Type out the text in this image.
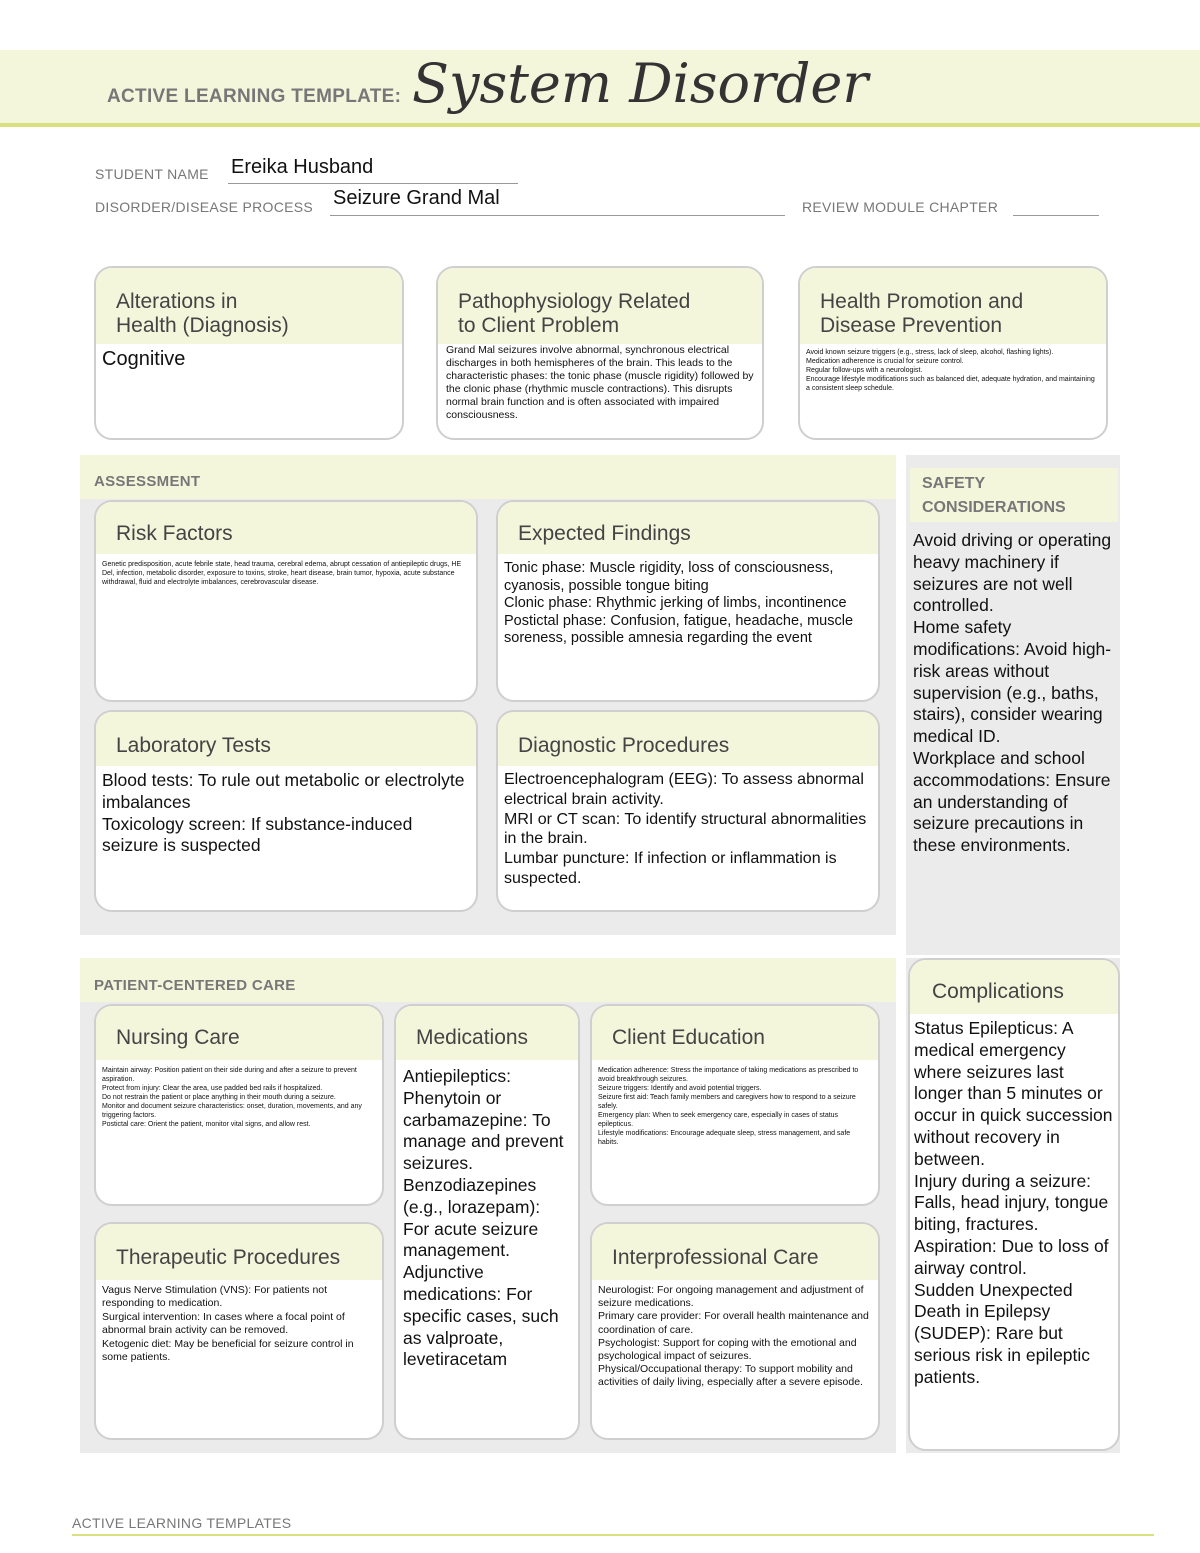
ACTIVE LEARNING TEMPLATE: System Disorder
STUDENT NAME Ereika Husband
DISORDER/DISEASE PROCESS Seizure Grand Mal	REVIEW MODULE CHAPTER
Alterations in
Health (Diagnosis)
Cognitive
Pathophysiology Related
to Client Problem
Grand Mal seizures involve abnormal, synchronous electrical discharges in both hemispheres of the brain. This leads to the characteristic phases: the tonic phase (muscle rigidity) followed by the clonic phase (rhythmic muscle contractions). This disrupts normal brain function and is often associated with impaired consciousness.
Health Promotion and
Disease Prevention
Avoid known seizure triggers (e.g., stress, lack of sleep, alcohol, flashing lights).
Medication adherence is crucial for seizure control.
Regular follow-ups with a neurologist.
Encourage lifestyle modifications such as balanced diet, adequate hydration, and maintaining a consistent sleep schedule.
ASSESSMENT
Risk Factors
Genetic predisposition, acute febrile state, head trauma, cerebral edema, abrupt cessation of antiepileptic drugs, HE Del, infection, metabolic disorder, exposure to toxins, stroke, heart disease, brain tumor, hypoxia, acute substance withdrawal, fluid and electrolyte imbalances, cerebrovascular disease.
Expected Findings
Tonic phase: Muscle rigidity, loss of consciousness, cyanosis, possible tongue biting
Clonic phase: Rhythmic jerking of limbs, incontinence
Postictal phase: Confusion, fatigue, headache, muscle soreness, possible amnesia regarding the event
Laboratory Tests
Blood tests: To rule out metabolic or electrolyte imbalances
Toxicology screen: If substance-induced seizure is suspected
Diagnostic Procedures
Electroencephalogram (EEG): To assess abnormal electrical brain activity.
MRI or CT scan: To identify structural abnormalities in the brain.
Lumbar puncture: If infection or inflammation is suspected.
SAFETY
CONSIDERATIONS
Avoid driving or operating heavy machinery if seizures are not well controlled.
Home safety modifications: Avoid high-risk areas without supervision (e.g., baths, stairs), consider wearing medical ID.
Workplace and school accommodations: Ensure an understanding of seizure precautions in these environments.
PATIENT-CENTERED CARE
Nursing Care
Maintain airway: Position patient on their side during and after a seizure to prevent aspiration.
Protect from injury: Clear the area, use padded bed rails if hospitalized.
Do not restrain the patient or place anything in their mouth during a seizure.
Monitor and document seizure characteristics: onset, duration, movements, and any triggering factors.
Postictal care: Orient the patient, monitor vital signs, and allow rest.
Medications
Antiepileptics: Phenytoin or carbamazepine: To manage and prevent seizures.
Benzodiazepines (e.g., lorazepam): For acute seizure management.
Adjunctive medications: For specific cases, such as valproate, levetiracetam
Client Education
Medication adherence: Stress the importance of taking medications as prescribed to avoid breakthrough seizures.
Seizure triggers: Identify and avoid potential triggers.
Seizure first aid: Teach family members and caregivers how to respond to a seizure safely.
Emergency plan: When to seek emergency care, especially in cases of status epilepticus.
Lifestyle modifications: Encourage adequate sleep, stress management, and safe habits.
Therapeutic Procedures
Vagus Nerve Stimulation (VNS): For patients not responding to medication.
Surgical intervention: In cases where a focal point of abnormal brain activity can be removed.
Ketogenic diet: May be beneficial for seizure control in some patients.
Interprofessional Care
Neurologist: For ongoing management and adjustment of seizure medications.
Primary care provider: For overall health maintenance and coordination of care.
Psychologist: Support for coping with the emotional and psychological impact of seizures.
Physical/Occupational therapy: To support mobility and activities of daily living, especially after a severe episode.
Complications
Status Epilepticus: A medical emergency where seizures last longer than 5 minutes or occur in quick succession without recovery in between.
Injury during a seizure: Falls, head injury, tongue biting, fractures.
Aspiration: Due to loss of airway control.
Sudden Unexpected Death in Epilepsy (SUDEP): Rare but serious risk in epileptic patients.
ACTIVE LEARNING TEMPLATES
